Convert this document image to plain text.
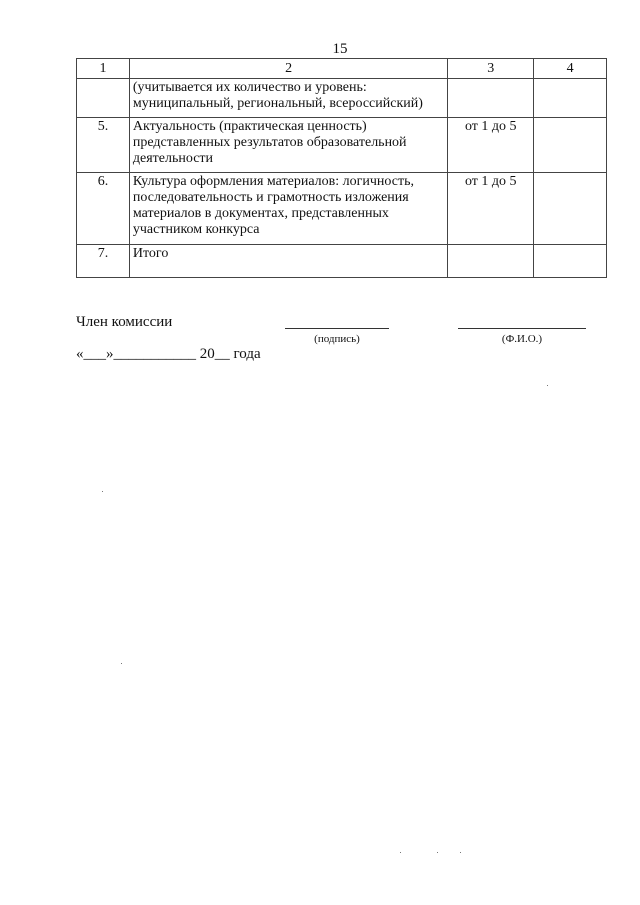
15
1	2	3	4
	(учитывается их количество и уровень: муниципальный, региональный, всероссийский)		
5.	Актуальность (практическая ценность) представленных результатов образовательной деятельности	от 1 до 5	
6.	Культура оформления материалов: логичность, последовательность и грамотность изложения материалов в документах, представленных участником конкурса	от 1 до 5	
7.	Итого		
Член комиссии
(подпись)	(Ф.И.О.)
«___»___________ 20__ года
